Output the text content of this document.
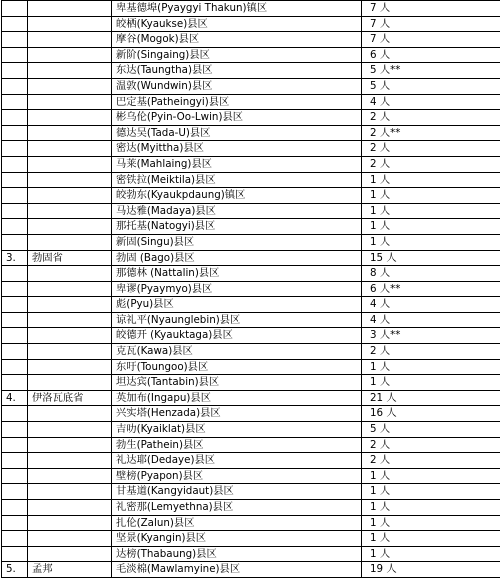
		卑基德埠(Pyaygyi Thakun)镇区	7 人
		皎栖(Kyaukse)县区	7 人
		摩谷(Mogok)县区	7 人
		新阶(Singaing)县区	6 人
		东达(Taungtha)县区	5 人**
		温敦(Wundwin)县区	5 人
		巴定基(Patheingyi)县区	4 人
		彬乌伦(Pyin-Oo-Lwin)县区	2 人
		德达吴(Tada-U)县区	2 人**
		密达(Myittha)县区	2 人
		马莱(Mahlaing)县区	2 人
		密铁拉(Meiktila)县区	1 人
		皎勃东(Kyaukpdaung)镇区	1 人
		马达雅(Madaya)县区	1 人
		那托基(Natogyi)县区	1 人
		新固(Singu)县区	1 人
3.	勃固省	勃固 (Bago)县区	15 人
		那德林 (Nattalin)县区	8 人
		卑谬(Pyaymyo)县区	6 人**
		彪(Pyu)县区	4 人
		谅礼平(Nyaunglebin)县区	4 人
		皎德开 (Kyauktaga)县区	3 人**
		克瓦(Kawa)县区	2 人
		东吁(Toungoo)县区	1 人
		坦达宾(Tantabin)县区	1 人
4.	伊洛瓦底省	英加布(Ingapu)县区	21 人
		兴实塔(Henzada)县区	16 人
		吉叻(Kyaiklat)县区	5 人
		勃生(Pathein)县区	2 人
		礼达耶(Dedaye)县区	2 人
		壁榜(Pyapon)县区	1 人
		甘基道(Kangyidaut)县区	1 人
		礼密那(Lemyethna)县区	1 人
		扎伦(Zalun)县区	1 人
		坚景(Kyangin)县区	1 人
		达榜(Thabaung)县区	1 人
5.	孟邦	毛淡棉(Mawlamyine)县区	19 人
